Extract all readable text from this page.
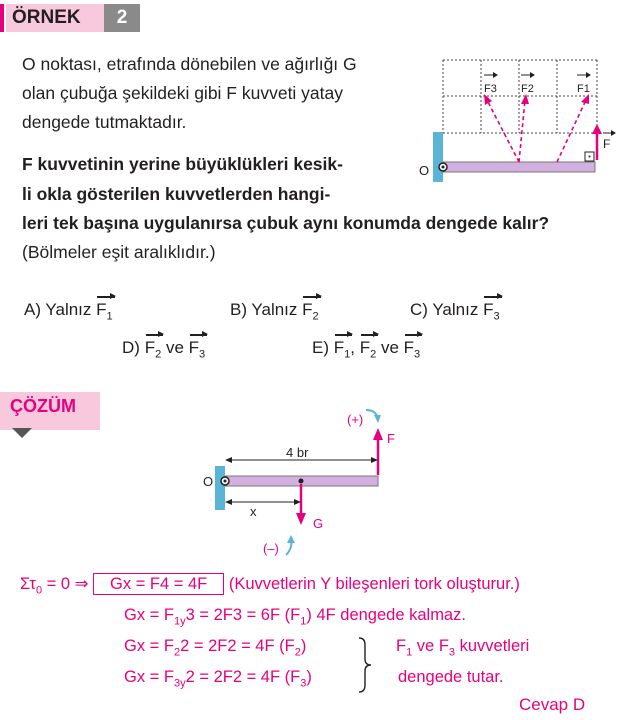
ÖRNEK	2
O noktası, etrafında dönebilen ve ağırlığı G
olan çubuğa şekildeki gibi F kuvveti yatay
dengede tutmaktadır.
F kuvvetinin yerine büyüklükleri kesik-
li okla gösterilen kuvvetlerden hangi-
leri tek başına uygulanırsa çubuk aynı konumda dengede kalır?
(Bölmeler eşit aralıklıdır.)
O
F
F3 F2	F1
A) Yalnız $F_1$	B) Yalnız $F_2$	C) Yalnız $F_3$
D) $F_2$ ve $F_3$	E) $F_1$, $F_2$ ve $F_3$
ÇÖZÜM
(+)
(–)
F
G
O
4 br
x
$\Sigma\tau_0 = 0$ ⇒ Gx = F4 = 4F (Kuvvetlerin Y bileşenleri tork oluşturur.)
$Gx = F_{1y}3 = 2F3 = 6F$ $(F_1)$ 4F dengede kalmaz.
$Gx = F_22 = 2F2 = 4F$ $(F_2)$
$Gx = F_{3y}2 = 2F2 = 4F$ $(F_3)$
$F_1$ ve $F_3$ kuvvetleri
dengede tutar.
Cevap D
